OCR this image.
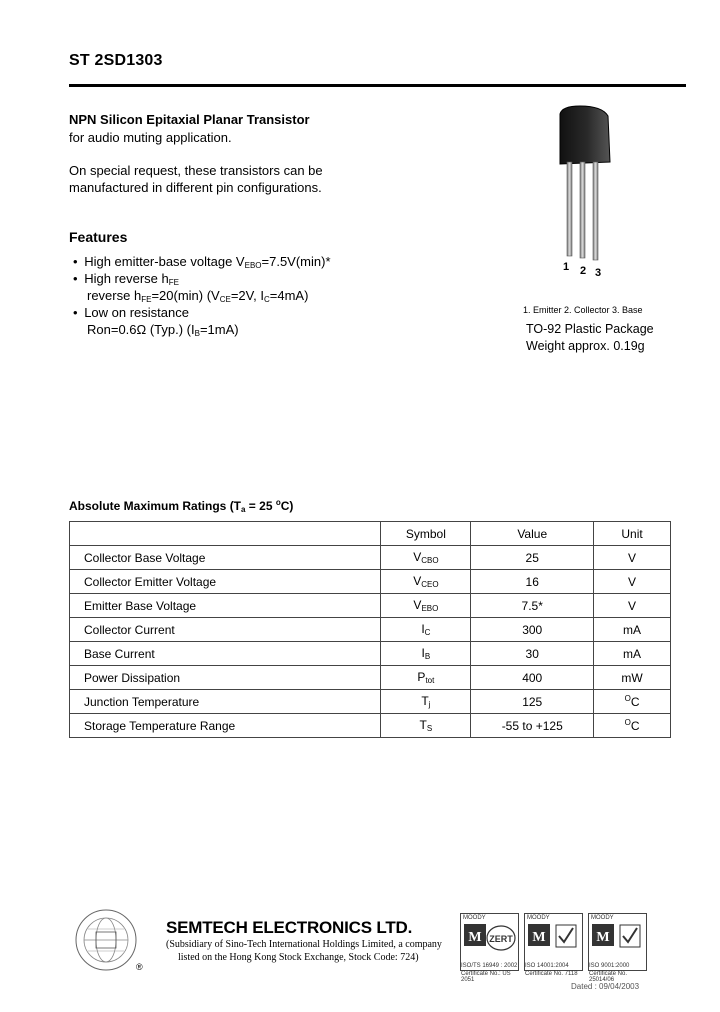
ST 2SD1303
NPN Silicon Epitaxial Planar Transistor
for audio muting application.
On special request, these transistors can be
manufactured in different pin configurations.
Features
• High emitter-base voltage $V_{EBO}=7.5V(\min)*$
• High reverse $h_{FE}$
reverse $h_{FE}=20(\min)$ ($V_{CE}=2V$, $I_C=4mA$)
• Low on resistance
Ron=0.6Ω (Typ.) $(I_B=1mA)$
1 2 3
1. Emitter 2. Collector 3. Base
TO-92 Plastic Package
Weight approx. 0.19g
Absolute Maximum Ratings ($T_a = 25$ $^o$C)
	Symbol	Value	Unit
Collector Base Voltage	$V_{CBO}$	25	V
Collector Emitter Voltage	$V_{CEO}$	16	V
Emitter Base Voltage	$V_{EBO}$	7.5*	V
Collector Current	$I_C$	300	mA
Base Current	$I_B$	30	mA
Power Dissipation	$P_{tot}$	400	mW
Junction Temperature	$T_j$	125	$^O$C
Storage Temperature Range	$T_S$	-55 to +125	$^O$C
®
SEMTECH ELECTRONICS LTD.
(Subsidiary of Sino-Tech International Holdings Limited, a company
listed on the Hong Kong Stock Exchange, Stock Code: 724)
MOODY
M ZERT
ISO/TS 16949 : 2002
Certificate No.: US 2051
MOODY
M
ISO 14001:2004
Certificate No. 7118
MOODY
M
ISO 9001:2000
Certificate No. 25014/06
Dated : 09/04/2003
